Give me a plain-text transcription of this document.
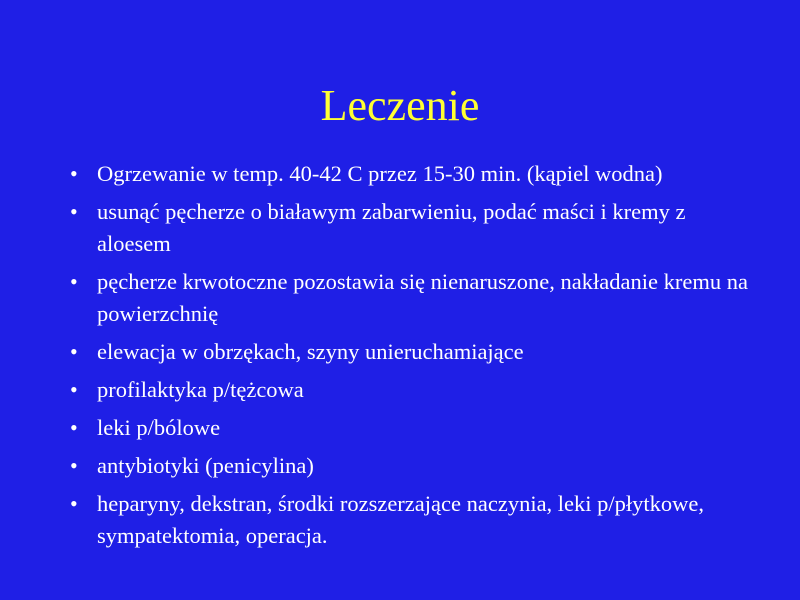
Leczenie
• Ogrzewanie w temp. 40-42 C przez 15-30 min. (kąpiel wodna)
• usunąć pęcherze o białawym zabarwieniu, podać maści i kremy z aloesem
• pęcherze krwotoczne pozostawia się nienaruszone, nakładanie kremu na powierzchnię
• elewacja w obrzękach, szyny unieruchamiające
• profilaktyka p/tężcowa
• leki p/bólowe
• antybiotyki (penicylina)
• heparyny, dekstran, środki rozszerzające naczynia, leki p/płytkowe, sympatektomia, operacja.
